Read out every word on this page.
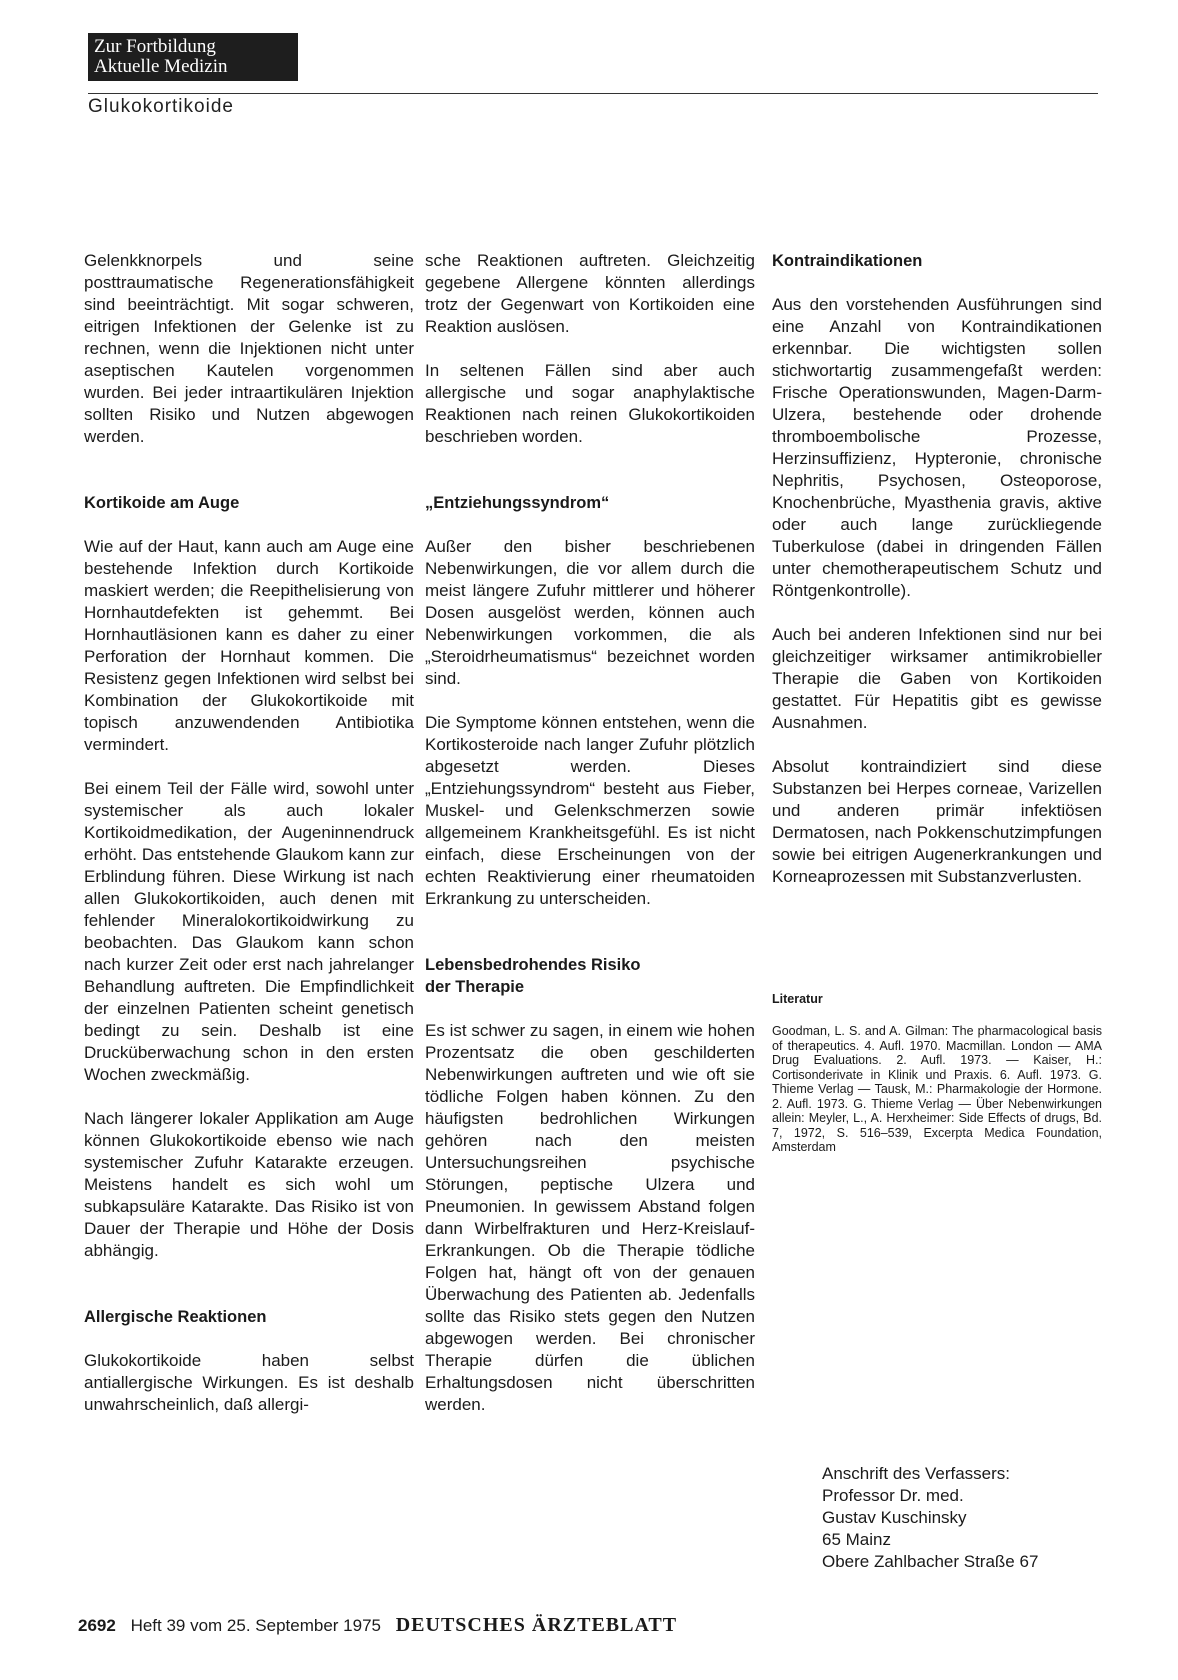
Zur Fortbildung
Aktuelle Medizin
Glukokortikoide

Gelenkknorpels und seine posttraumatische Regenerationsfähigkeit sind beeinträchtigt. Mit sogar schweren, eitrigen Infektionen der Gelenke ist zu rechnen, wenn die Injektionen nicht unter aseptischen Kautelen vorgenommen wurden. Bei jeder intraartikulären Injektion sollten Risiko und Nutzen abgewogen werden.

Kortikoide am Auge

Wie auf der Haut, kann auch am Auge eine bestehende Infektion durch Kortikoide maskiert werden; die Reepithelisierung von Hornhautdefekten ist gehemmt. Bei Hornhautläsionen kann es daher zu einer Perforation der Hornhaut kommen. Die Resistenz gegen Infektionen wird selbst bei Kombination der Glukokortikoide mit topisch anzuwendenden Antibiotika vermindert.

Bei einem Teil der Fälle wird, sowohl unter systemischer als auch lokaler Kortikoidmedikation, der Augeninnendruck erhöht. Das entstehende Glaukom kann zur Erblindung führen. Diese Wirkung ist nach allen Glukokortikoiden, auch denen mit fehlender Mineralokortikoidwirkung zu beobachten. Das Glaukom kann schon nach kurzer Zeit oder erst nach jahrelanger Behandlung auftreten. Die Empfindlichkeit der einzelnen Patienten scheint genetisch bedingt zu sein. Deshalb ist eine Drucküberwachung schon in den ersten Wochen zweckmäßig.

Nach längerer lokaler Applikation am Auge können Glukokortikoide ebenso wie nach systemischer Zufuhr Katarakte erzeugen. Meistens handelt es sich wohl um subkapsuläre Katarakte. Das Risiko ist von Dauer der Therapie und Höhe der Dosis abhängig.

Allergische Reaktionen

Glukokortikoide haben selbst antiallergische Wirkungen. Es ist deshalb unwahrscheinlich, daß allergi-

sche Reaktionen auftreten. Gleichzeitig gegebene Allergene könnten allerdings trotz der Gegenwart von Kortikoiden eine Reaktion auslösen.

In seltenen Fällen sind aber auch allergische und sogar anaphylaktische Reaktionen nach reinen Glukokortikoiden beschrieben worden.

„Entziehungssyndrom“

Außer den bisher beschriebenen Nebenwirkungen, die vor allem durch die meist längere Zufuhr mittlerer und höherer Dosen ausgelöst werden, können auch Nebenwirkungen vorkommen, die als „Steroidrheumatismus“ bezeichnet worden sind.

Die Symptome können entstehen, wenn die Kortikosteroide nach langer Zufuhr plötzlich abgesetzt werden. Dieses „Entziehungssyndrom“ besteht aus Fieber, Muskel- und Gelenkschmerzen sowie allgemeinem Krankheitsgefühl. Es ist nicht einfach, diese Erscheinungen von der echten Reaktivierung einer rheumatoiden Erkrankung zu unterscheiden.

Lebensbedrohendes Risiko
der Therapie

Es ist schwer zu sagen, in einem wie hohen Prozentsatz die oben geschilderten Nebenwirkungen auftreten und wie oft sie tödliche Folgen haben können. Zu den häufigsten bedrohlichen Wirkungen gehören nach den meisten Untersuchungsreihen psychische Störungen, peptische Ulzera und Pneumonien. In gewissem Abstand folgen dann Wirbelfrakturen und Herz-Kreislauf-Erkrankungen. Ob die Therapie tödliche Folgen hat, hängt oft von der genauen Überwachung des Patienten ab. Jedenfalls sollte das Risiko stets gegen den Nutzen abgewogen werden. Bei chronischer Therapie dürfen die üblichen Erhaltungsdosen nicht überschritten werden.

Kontraindikationen

Aus den vorstehenden Ausführungen sind eine Anzahl von Kontraindikationen erkennbar. Die wichtigsten sollen stichwortartig zusammengefaßt werden: Frische Operationswunden, Magen-Darm-Ulzera, bestehende oder drohende thromboembolische Prozesse, Herzinsuffizienz, Hypteronie, chronische Nephritis, Psychosen, Osteoporose, Knochenbrüche, Myasthenia gravis, aktive oder auch lange zurückliegende Tuberkulose (dabei in dringenden Fällen unter chemotherapeutischem Schutz und Röntgenkontrolle).

Auch bei anderen Infektionen sind nur bei gleichzeitiger wirksamer antimikrobieller Therapie die Gaben von Kortikoiden gestattet. Für Hepatitis gibt es gewisse Ausnahmen.

Absolut kontraindiziert sind diese Substanzen bei Herpes corneae, Varizellen und anderen primär infektiösen Dermatosen, nach Pokkenschutzimpfungen sowie bei eitrigen Augenerkrankungen und Korneaprozessen mit Substanzverlusten.

Literatur

Goodman, L. S. and A. Gilman: The pharmacological basis of therapeutics. 4. Aufl. 1970. Macmillan. London — AMA Drug Evaluations. 2. Aufl. 1973. — Kaiser, H.: Cortisonderivate in Klinik und Praxis. 6. Aufl. 1973. G. Thieme Verlag — Tausk, M.: Pharmakologie der Hormone. 2. Aufl. 1973. G. Thieme Verlag — Über Nebenwirkungen allein: Meyler, L., A. Herxheimer: Side Effects of drugs, Bd. 7, 1972, S. 516–539, Excerpta Medica Foundation, Amsterdam

Anschrift des Verfassers:
Professor Dr. med.
Gustav Kuschinsky
65 Mainz
Obere Zahlbacher Straße 67
2692 Heft 39 vom 25. September 1975 DEUTSCHES ÄRZTEBLATT
